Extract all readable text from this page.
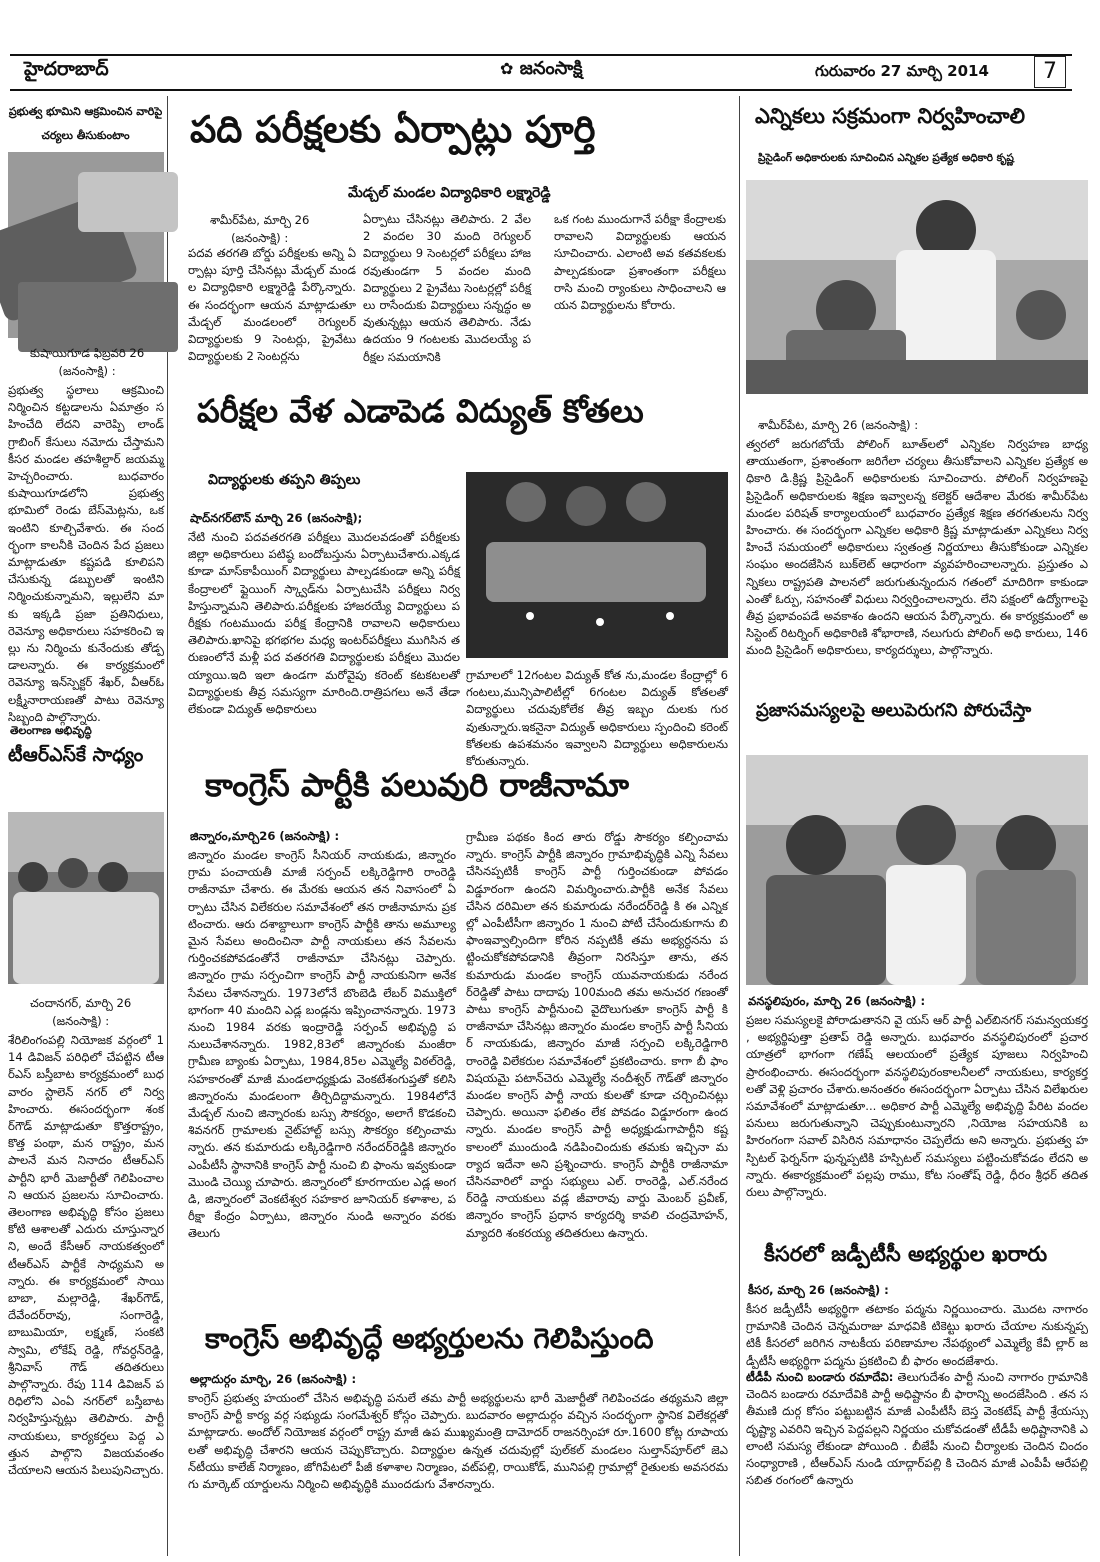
హైదరాబాద్	✿ జనంసాక్షి	గురువారం 27 మార్చి 2014	7
ప్రభుత్వ భూమిని ఆక్రమించిన వారిపై
చర్యలు తీసుకుంటాం
కుషాయిగూడ ఫిబ్రవరి 26
(జనంసాక్షి) :
ప్రభుత్వ స్థలాలు ఆక్రమించి నిర్మించిన కట్టడాలను ఏమాత్రం సహించేది లేదని వారెప్పి లాండ్ గ్రాబింగ్ కేసులు నమోదు చేస్తామని కీసర మండల తహశీల్దార్ జయమ్మ హెచ్చరించారు. బుధవారం కుషాయిగూడలోని ప్రభుత్వ భూమిలో రెండు బేస్‌మెట్లను, ఒక ఇంటిని కూల్చివేశారు. ఈ సందర్భంగా కాలనీకి చెందిన పేద ప్రజలు మాట్లాడుతూ కష్టపడి కూలిపని చేసుకున్న డబ్బులతో ఇంటిని నిర్మించుకున్నామని, ఇల్లులేని మా కు ఇక్కడి ప్రజా ప్రతినిధులు, రెవెన్యూ అధికారులు సహకరించి ఇల్లు ను నిర్మించు కునేందుకు తోడ్పడాలన్నారు. ఈ కార్యక్రమంలో రెవెన్యూ ఇన్‌స్పెక్టర్ శేఖర్, వీఆర్‌ఓ లక్ష్మీనారాయణతో పాటు రెవెన్యూ సిబ్బంది పాల్గొన్నారు.
తెలంగాణ అభివృద్ధి
టీఆర్ఎస్‌కే సాధ్యం
చందానగర్, మార్చి 26
(జనంసాక్షి) :
శేరిలింగంపల్లి నియోజక వర్గంలో 114 డివిజన్ పరిధిలో చేపట్టిన టీఆర్‌ఎస్ బస్తీబాట కార్యక్రమంలో బుధవారం స్టాలెన్ నగర్ లో నిర్వహించారు. ఈసందర్భంగా శంకర్‌గౌడ్ మాట్లాడుతూ కొత్తరాష్ట్రం, కొత్త పంథా, మన రాష్ట్రం, మన పాలనే మన నినాదం టీఆర్‌ఎస్ పార్టీని భారీ మెజార్టీతో గెలిపించాలని ఆయన ప్రజలను సూచించారు. తెలంగాణ అభివృద్ధి కోసం ప్రజలు కోటి ఆశాలతో ఎదురు చూస్తున్నారని, అందే కేసీఆర్ నాయకత్వంలో టీఆర్‌ఎస్ పార్టీకే సాధ్యమని అన్నారు. ఈ కార్యక్రమంలో సాయి బాబా, మల్లారెడ్డి, శేఖర్‌గౌడ్, దేవేందర్‌రావు, సంగారెడ్డి, బాబుమియా, లక్ష్మణ్, సంకటి స్వామి, లోకేష్ రెడ్డి, గోవర్ధన్‌రెడ్డి, శ్రీనివాస్ గౌడ్ తదితరులు పాల్గొన్నారు. రేపు 114 డివిజన్ పరిధిలోని ఎంఏ నగర్‌లో బస్తీబాట నిర్వహిస్తున్నట్లు తెలిపారు. పార్టీ నాయకులు, కార్యకర్తలు పెద్ద ఎత్తున పాల్గొని విజయవంతం చేయాలని ఆయన పిలుపునిచ్చారు.
పది పరీక్షలకు ఏర్పాట్లు పూర్తి
మేడ్చల్ మండల విద్యాధికారి లక్ష్మారెడ్డి
శామీర్‌పేట, మార్చి 26
(జనంసాక్షి) :
పదవ తరగతి బోర్డు పరీక్షలకు అన్ని ఏర్పాట్లు పూర్తి చేసినట్లు మేడ్చల్ మండల విద్యాధికారి లక్ష్మారెడ్డి పేర్కొన్నారు. ఈ సందర్భంగా ఆయన మాట్లాడుతూ మేడ్చల్ మండలంలో రెగ్యులర్ విద్యార్థులకు 9 సెంటర్లు, ప్రైవేటు విద్యార్థులకు 2 సెంటర్లను
ఏర్పాటు చేసినట్లు తెలిపారు. 2 వేల 2 వందల 30 మంది రెగ్యులర్ విద్యార్థులు 9 సెంటర్లలో పరీక్షలు హాజరవుతుండగా 5 వందల మంది విద్యార్థులు 2 ప్రైవేటు సెంటర్లల్లో పరీక్షలు రాసేందుకు విద్యార్థులు సన్నద్ధం అవుతున్నట్లు ఆయన తెలిపారు. నేడు ఉదయం 9 గంటలకు మొదలయ్యే పరీక్షల సమయానికి
ఒక గంట ముందుగానే పరీక్షా కేంద్రాలకు రావాలని విద్యార్థులకు ఆయన సూచించారు. ఎలాంటి అవ కతవకలకు పాల్పడకుండా ప్రశాంతంగా పరీక్షలు రాసి మంచి ర్యాంకులు సాధించాలని ఆయన విద్యార్థులను కోరారు.
పరీక్షల వేళ ఎడాపెడ విద్యుత్ కోతలు
విద్యార్థులకు తప్పని తిప్పలు
షాద్‌నగర్‌టౌన్ మార్చి 26 (జనంసాక్షి);
నేటి నుంచి పదవతరగతి పరీక్షలు మొదలవడంతో పరీక్షలకు జిల్లా అధికారులు పటిష్ఠ బందోబస్తును ఏర్పాటుచేశారు.ఎక్కడకూడా మాస్‌కాపీయింగ్ విద్యార్థులు పాల్పడకుండా అన్ని పరీక్ష కేంద్రాలలో ఫ్లైయింగ్ స్క్వాడ్‌ను ఏర్పాటుచేసి పరీక్షలు నిర్వహిస్తున్నామని తెలిపారు.పరీక్షలకు హాజరయ్యే విద్యార్థులు పరీక్షకు గంటముందు పరీక్ష కేంద్రానికి రావాలని అధికారులు తెలిపారు.ఖానిపై భగభగల మధ్య ఇంటర్‌పరీక్షలు ముగిసిన తరుణంలోనే మళ్లీ పద వతరగతి విద్యార్థులకు పరీక్షలు మొదలయ్యాయి.ఇది ఇలా ఉండగా మరోవైపు కరెంట్ కటకటలతో విద్యార్థులకు తీవ్ర సమస్యగా మారింది.రాత్రిపగలు అనే తేడా లేకుండా విద్యుత్ అధికారులు
గ్రామాలలో 12గంటల విద్యుత్ కోత ను,మండల కేంద్రాల్లో 6గంటలు,మున్సిపాలిటీల్లో 6గంటల విద్యుత్ కోతలతో విద్యార్థులు చదువుకోలేక తీవ్ర ఇబ్బం దులకు గురవుతున్నారు.ఇకనైనా విద్యుత్ అధికారులు స్పందించి కరెంట్ కోతలకు ఉపశమనం ఇవ్వాలని విద్యార్థులు అధికారులను కోరుతున్నారు.
కాంగ్రెస్ పార్టీకి పలువురి రాజీనామా
జిన్నారం,మార్చి26 (జనంసాక్షి) :
జిన్నారం మండల కాంగ్రెస్ సీనియర్ నాయకుడు, జిన్నారం గ్రామ పంచాయతీ మాజీ సర్పంచ్ లక్కిరెడ్డిగారి రాంరెడ్డి రాజీనామా చేశారు. ఈ మేరకు ఆయన తన నివాసంలో ఏర్పాటు చేసిన విలేకరుల సమావేశంలో తన రాజీనామాను ప్రకటించారు. ఆరు దశాబ్దాలుగా కాంగ్రెస్ పార్టీకి తాను అమూల్యమైన సేవలు అందించినా పార్టీ నాయకులు తన సేవలను గుర్తించకపోవడంతోనే రాజీనామా చేసినట్లు చెప్పారు. జిన్నారం గ్రామ సర్పంచిగా కాంగ్రెస్ పార్టీ నాయకునిగా అనేక సేవలు చేశానన్నారు. 1973లోనే బొంబెడి లేబర్ విముక్తిలో భాగంగా 40 మందిని ఎడ్ల బండ్లను ఇప్పించానన్నారు. 1973 నుంచి 1984 వరకు ఇంద్రారెడ్డి సర్పంచ్ అభివృద్ధి పనులుచేశానన్నారు. 1982,83లో జిన్నారంకు మంజీరా గ్రామీణ బ్యాంకు ఏర్పాటు, 1984,85ల ఎమ్మెల్యే విఠల్‌రెడ్డి, సహకారంతో మాజీ మండలాధ్యక్షుడు వెంకటేశంగుప్తతో కలిసి జిన్నారంను మండలంగా తీర్చిదిద్దామన్నారు. 1984లోనే మేడ్చల్ నుంచి జిన్నారంకు బస్సు సౌకర్యం, అలాగే కొడకంచి శివనగర్ గ్రామాలకు నైట్‌హాల్ట్ బస్సు సౌకర్యం కల్పించామన్నారు. తన కుమారుడు లక్కిరెడ్డిగారి నరేందర్‌రెడ్డికి జిన్నారం ఎంపీటీసీ స్థానానికి కాంగ్రెస్ పార్టీ నుంచి బి ఫాంను ఇవ్వకుండా మొండి చెయ్యి చూపారు. జిన్నారంలో కూరగాయల ఎడ్ల అంగడి, జిన్నారంలో వెంకటేశ్వర సహకార జూనియర్ కళాశాల, పరీక్షా కేంద్రం ఏర్పాటు, జిన్నారం నుండి అన్నారం వరకు తెలుగు
గ్రామీణ పథకం కింద తారు రోడ్డు సౌకర్యం కల్పించామన్నారు. కాంగ్రెస్ పార్టీకి జిన్నారం గ్రామాభివృద్ధికి ఎన్ని సేవలు చేసినప్పటికీ కాంగ్రెస్ పార్టీ గుర్తించకుండా పోవడం విడ్డూరంగా ఉందని విమర్శించారు.పార్టీకి అనేక సేవలు చేసిన దరిమిలా తన కుమారుడు నరేందర్‌రెడ్డి కి ఈ ఎన్నికల్లో ఎంపీటీసీగా జిన్నారం 1 నుంచి పోటీ చేసేందుకుగాను బి ఫాంఇవ్వాల్సిందిగా కోరిన నప్పటికీ తమ అభ్యర్ధనను పట్టించుకోకపోవడానికి తీవ్రంగా నిరసిస్తూ తాను, తనకుమారుడు మండల కాంగ్రెస్ యువనాయకుడు నరేందర్‌రెడ్డితో పాటు దాదాపు 100మంది తమ అనుచర గణంతో పాటు కాంగ్రెస్ పార్టీనుంచి వైదొలుగుతూ కాంగ్రెస్ పార్టీ కి రాజీనామా చేసినట్లు జిన్నారం మండల కాంగ్రెస్ పార్టీ సీనియర్ నాయకుడు, జిన్నారం మాజీ సర్పంచి లక్కిరెడ్డిగారి రాంరెడ్డి విలేకరుల సమావేశంలో ప్రకటించారు. కాగా బీ ఫాం విషయమై పటాన్‌చెరు ఎమ్మెల్యే నందీశ్వర్ గౌడ్‌తో జిన్నారం మండల కాంగ్రెస్ పార్టీ నాయ కులతో కూడా చర్చించినట్లు చెప్పారు. అయినా ఫలితం లేక పోవడం విడ్డూరంగా ఉందన్నారు. మండల కాంగ్రెస్ పార్టీ అధ్యక్షుడుగాపార్టీని కష్ట కాలంలో ముందుండి నడిపించిందుకు తమకు ఇచ్చినా మర్యాద ఇదేనా అని ప్రశ్నించారు. కాంగ్రెస్ పార్టీకి రాజీనామా చేసినవారిలో వార్డు సభ్యులు ఎల్. రాంరెడ్డి, ఎల్.నరేందర్‌రెడ్డి నాయకులు వడ్ల జీవారావు వార్డు మెంబర్ ప్రవీణ్,జిన్నారం కాంగ్రెస్ ప్రధాన కార్యదర్శి కావలి చంద్రమోహన్, మ్యాదరి శంకరయ్య తదితరులు ఉన్నారు.
కాంగ్రెస్ అభివృద్ధే అభ్యర్తులను గెలిపిస్తుంది
అల్లాదుర్గం మార్చి, 26 (జనంసాక్షి) :
కాంగ్రెస్ ప్రభుత్వ హయంలో చేసిన అభివృద్ధి పనులే తమ పార్టీ అభ్యర్థులను భారీ మెజార్టీతో గెలిపించడం తథ్యమని జిల్లా కాంగ్రెస్ పార్టీ కార్య వర్గ సభ్యుడు సంగమేశ్వర్ కోస్గం చెప్పారు. బుదవారం అల్లాదుర్గం వచ్చిన సందర్భంగా స్థానిక విలేకర్లతో మాట్లాడారు. అందోల్ నియోజక వర్గంలో రాష్ట్ర మాజీ ఉప ముఖ్యమంత్రి దామోదర్ రాజనర్సింహా రూ.1600 కోట్ల రూపాయలతో అభివృద్ధి చేశారని ఆయన చెప్పుకొచ్చారు. విద్యార్థుల ఉన్నత చదువుల్లో పుల్‌కల్ మండలం సుల్తాన్‌పూర్‌లో జెఎన్‌టీయు కాలేజ్ నిర్మాణం, జోగిపేటలో పీజీ కళాశాల నిర్మాణం, వట్‌పల్లి, రాయికోడ్, మునిపల్లి గ్రామాల్లో రైతులకు అవసరమగు మార్కెట్ యార్డులను నిర్మించి అభివృద్ధికి ముందడుగు వేశారన్నారు.
ఎన్నికలు సక్రమంగా నిర్వహించాలి
ప్రిసైడింగ్ అధికారులకు సూచించిన ఎన్నికల ప్రత్యేక అధికారి కృష్ణ
శామీర్‌పేట, మార్చి 26 (జనంసాక్షి) :
త్వరలో జరుగబోయే పోలింగ్ బూత్‌లలో ఎన్నికల నిర్వహణ బాధ్యతాయుతంగా, ప్రశాంతంగా జరిగేలా చర్యలు తీసుకోవాలని ఎన్నికల ప్రత్యేక అధికారి డి.క్రిష్ణ ప్రిసైడింగ్ అధికారులకు సూచించారు. పోలింగ్ నిర్వహణపై ప్రిసైడింగ్ అధికారులకు శిక్షణ ఇవ్వాలన్న కలెక్టర్ ఆదేశాల మేరకు శామీర్‌పేట మండల పరిషత్ కార్యాలయంలో బుధవారం ప్రత్యేక శిక్షణ తరగతులను నిర్వహించారు. ఈ సందర్భంగా ఎన్నికల అధికారి క్రిష్ణ మాట్లాడుతూ ఎన్నికలు నిర్వహించే సమయంలో అధికారులు స్వతంత్ర నిర్ణయాలు తీసుకోకుండా ఎన్నికల సంఘం అందజేసిన బుక్‌లెట్ ఆధారంగా వ్యవహరించాలన్నారు. ప్రస్తుతం ఎన్నికలు రాష్ట్రపతి పాలనలో జరుగుతున్నందున గతంలో మాదిరిగా కాకుండా ఎంతో ఓర్పు, సహనంతో విధులు నిర్వర్తించాలన్నారు. లేని పక్షంలో ఉద్యోగాలపై తీవ్ర ప్రభావంపడే అవకాశం ఉందని ఆయన పేర్కొన్నారు. ఈ కార్యక్రమంలో అసిస్టెంట్ రిటర్నింగ్ అధికారిణి శోభారాణి, నలుగురు పోలింగ్ అధి కారులు, 146 మంది ప్రిసైడింగ్ అధికారులు, కార్యదర్శులు, పాల్గొన్నారు.
ప్రజాసమస్యలపై అలుపెరుగని పోరుచేస్తా
వనస్థలిపురం, మార్చి 26 (జనంసాక్షి) :
ప్రజల సమస్యలకై పోరాడుతానని వై యస్ ఆర్ పార్టీ ఎల్‌బినగర్ సమన్వయకర్త , అభ్యర్థిపుత్తా ప్రతాప్ రెడ్డి అన్నారు. బుధవారం వనస్థలిపురంలో ప్రచార యాత్రలో భాగంగా గణేష్ ఆలయంలో ప్రత్యేక పూజలు నిర్వహించి ప్రారంభించారు. ఈసందర్భంగా వనస్థలిపురంకాలనీలలో నాయకులు, కార్యకర్తలతో వెళ్లి ప్రచారం చేశారు.అనంతరం ఈసందర్భంగా ఏర్పాటు చేసిన విలేఖరుల సమావేశంలో మాట్లాడుతూ... అధికార పార్టీ ఎమ్మెల్యే అభివృద్ధి పేరిట వందల పనులు జరుగుతున్నాని చెప్పుకుంటున్నారని ,నియోజ సహయనికి బహిరంగంగా సవాల్ విసిరిన సమాధానం చెప్పలేదు అని అన్నారు. ప్రభుత్వ హస్పిటల్ ఫెర్నన్‌గా ఫున్నప్పటికి హస్పిటల్ సమస్యలు పట్టించుకోవడం లేదని అన్నారు. ఈకార్యక్రమంలో పల్లపు రాము, కోట సంతోష్ రెడ్డి, ధీరం శ్రీధర్ తదితరులు పాల్గొన్నారు.
కీసరలో జడ్పీటీసీ అభ్యర్థుల ఖరారు
కీసర, మార్చి 26 (జనంసాక్షి) :
కీసర జడ్పీటీసీ అభ్యర్థిగా తటాకం పద్మను నిర్ణయించారు. మొదట నాగారం గ్రామానికి చెందిన చెన్నమరాజు మాధవికి టికెట్టు ఖరారు చేయాల నుకున్నప్పటికీ కీసరలో జరిగిన నాటకీయ పరిణామాల నేపథ్యంలో ఎమ్మెల్యే కేవీ ల్లార్ జడ్పీటీసీ అభ్యర్థిగా పద్మను ప్రకటించి బీ ఫారం అందజేశారు.
టీడీపీ నుంచి బండారు రమాదేవి: తెలుగుదేశం పార్టీ నుంచి నాగారం గ్రామానికి చెందిన బండారు రమాదేవికి పార్టీ అధిష్టానం బీ ఫారాన్ని అందజేసింది . తన సతీమణి దుర్గ కోసం పట్టుబట్టిన మాజీ ఎంపీటీసీ బెస్త వెంకటేష్ పార్టీ శ్రేయస్సు దృష్ట్యా ఎవరిని ఇచ్చిన పెద్దపల్లని నిర్ణయం చుకోవడంతో టీడీపీ అధిష్టానానికి ఎలాంటి సమస్య లేకుండా పోయింది . బీజేపీ నుంచి చీర్యాలకు చెందిన చిందం సంధ్యారాణి , టీఆర్ఎస్ నుండి యాద్గార్‌పల్లి కి చెందిన మాజీ ఎంపీపీ ఆరేపల్లి సబిత రంగంలో ఉన్నారు
